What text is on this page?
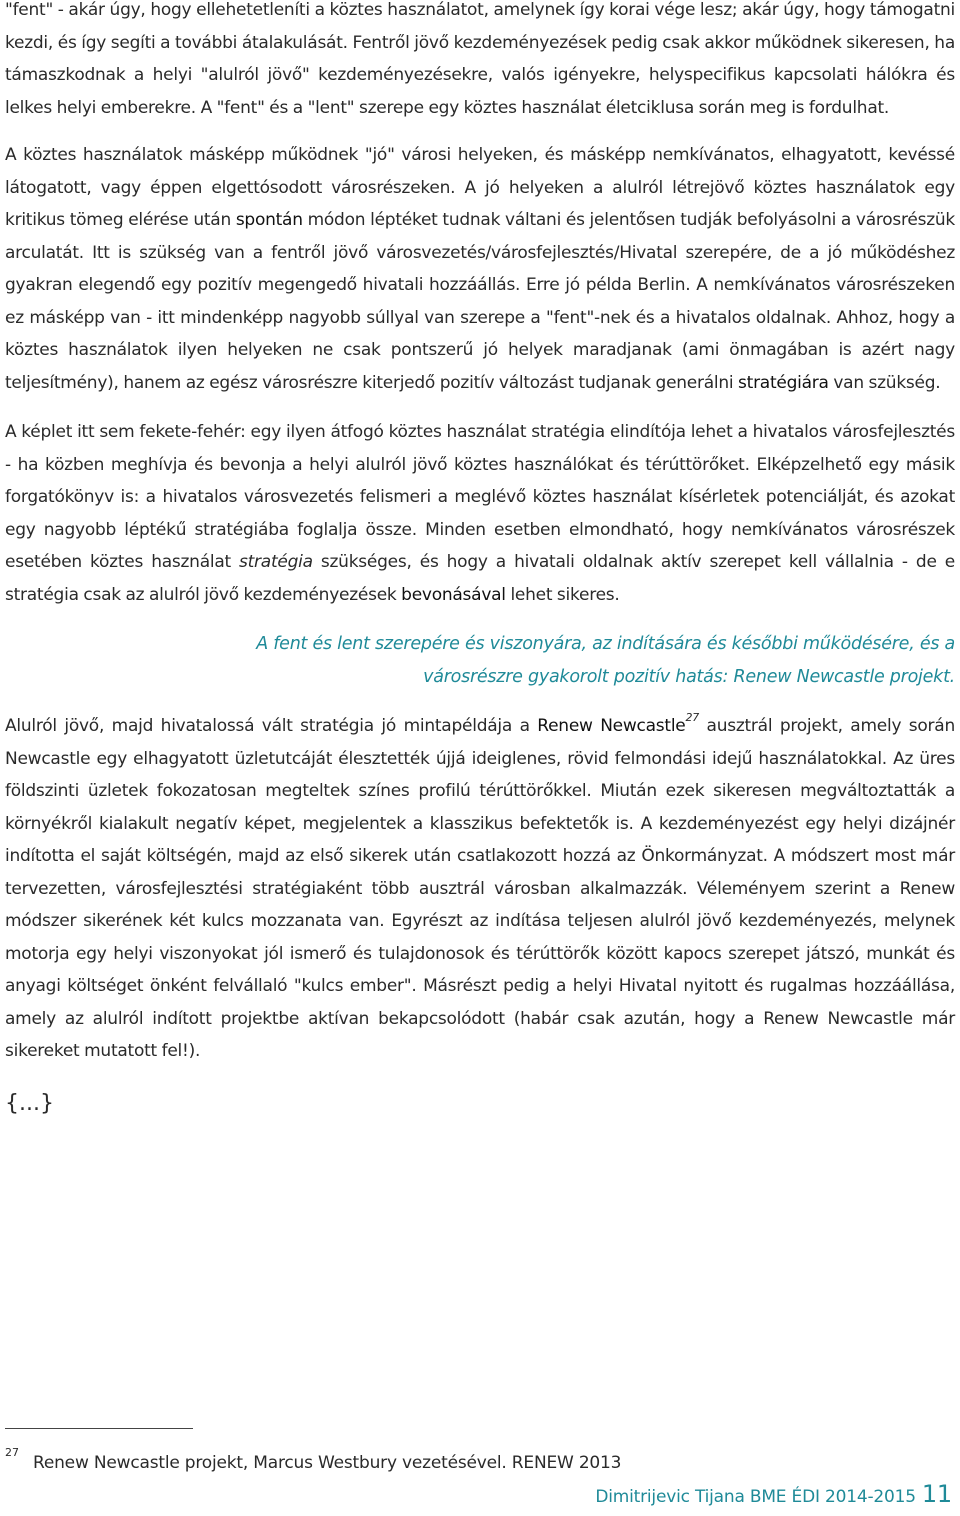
"fent" - akár úgy, hogy ellehetetleníti a köztes használatot, amelynek így korai vége lesz; akár úgy, hogy támogatni kezdi, és így segíti a további átalakulását. Fentről jövő kezdeményezések pedig csak akkor működnek sikeresen, ha támaszkodnak a helyi "alulról jövő" kezdeményezésekre, valós igényekre, helyspecifikus kapcsolati hálókra és lelkes helyi emberekre. A "fent" és a "lent" szerepe egy köztes használat életciklusa során meg is fordulhat.

A köztes használatok másképp működnek "jó" városi helyeken, és másképp nemkívánatos, elhagyatott, kevéssé látogatott, vagy éppen elgettósodott városrészeken. A jó helyeken a alulról létrejövő köztes használatok egy kritikus tömeg elérése után spontán módon léptéket tudnak váltani és jelentősen tudják befolyásolni a városrészük arculatát. Itt is szükség van a fentről jövő városvezetés/városfejlesztés/Hivatal szerepére, de a jó működéshez gyakran elegendő egy pozitív megengedő hivatali hozzáállás. Erre jó példa Berlin. A nemkívánatos városrészeken ez másképp van - itt mindenképp nagyobb súllyal van szerepe a "fent"-nek és a hivatalos oldalnak. Ahhoz, hogy a köztes használatok ilyen helyeken ne csak pontszerű jó helyek maradjanak (ami önmagában is azért nagy teljesítmény), hanem az egész városrészre kiterjedő pozitív változást tudjanak generálni stratégiára van szükség.

A képlet itt sem fekete-fehér: egy ilyen átfogó köztes használat stratégia elindítója lehet a hivatalos városfejlesztés - ha közben meghívja és bevonja a helyi alulról jövő köztes használókat és térúttörőket. Elképzelhető egy másik forgatókönyv is: a hivatalos városvezetés felismeri a meglévő köztes használat kísérletek potenciálját, és azokat egy nagyobb léptékű stratégiába foglalja össze. Minden esetben elmondható, hogy nemkívánatos városrészek esetében köztes használat stratégia szükséges, és hogy a hivatali oldalnak aktív szerepet kell vállalnia - de e stratégia csak az alulról jövő kezdeményezések bevonásával lehet sikeres.

A fent és lent szerepére és viszonyára, az indítására és későbbi működésére, és a
városrészre gyakorolt pozitív hatás: Renew Newcastle projekt.

Alulról jövő, majd hivatalossá vált stratégia jó mintapéldája a Renew Newcastle$^{27}$ ausztrál projekt, amely során Newcastle egy elhagyatott üzletutcáját élesztették újjá ideiglenes, rövid felmondási idejű használatokkal. Az üres földszinti üzletek fokozatosan megteltek színes profilú térúttörőkkel. Miután ezek sikeresen megváltoztatták a környékről kialakult negatív képet, megjelentek a klasszikus befektetők is. A kezdeményezést egy helyi dizájnér indította el saját költségén, majd az első sikerek után csatlakozott hozzá az Önkormányzat. A módszert most már tervezetten, városfejlesztési stratégiaként több ausztrál városban alkalmazzák. Véleményem szerint a Renew módszer sikerének két kulcs mozzanata van. Egyrészt az indítása teljesen alulról jövő kezdeményezés, melynek motorja egy helyi viszonyokat jól ismerő és tulajdonosok és térúttörők között kapocs szerepet játszó, munkát és anyagi költséget önként felvállaló "kulcs ember". Másrészt pedig a helyi Hivatal nyitott és rugalmas hozzáállása, amely az alulról indított projektbe aktívan bekapcsolódott (habár csak azután, hogy a Renew Newcastle már sikereket mutatott fel!).

{...}
27
Renew Newcastle projekt, Marcus Westbury vezetésével. RENEW 2013
Dimitrijevic Tijana BME ÉDI 2014-2015 11
